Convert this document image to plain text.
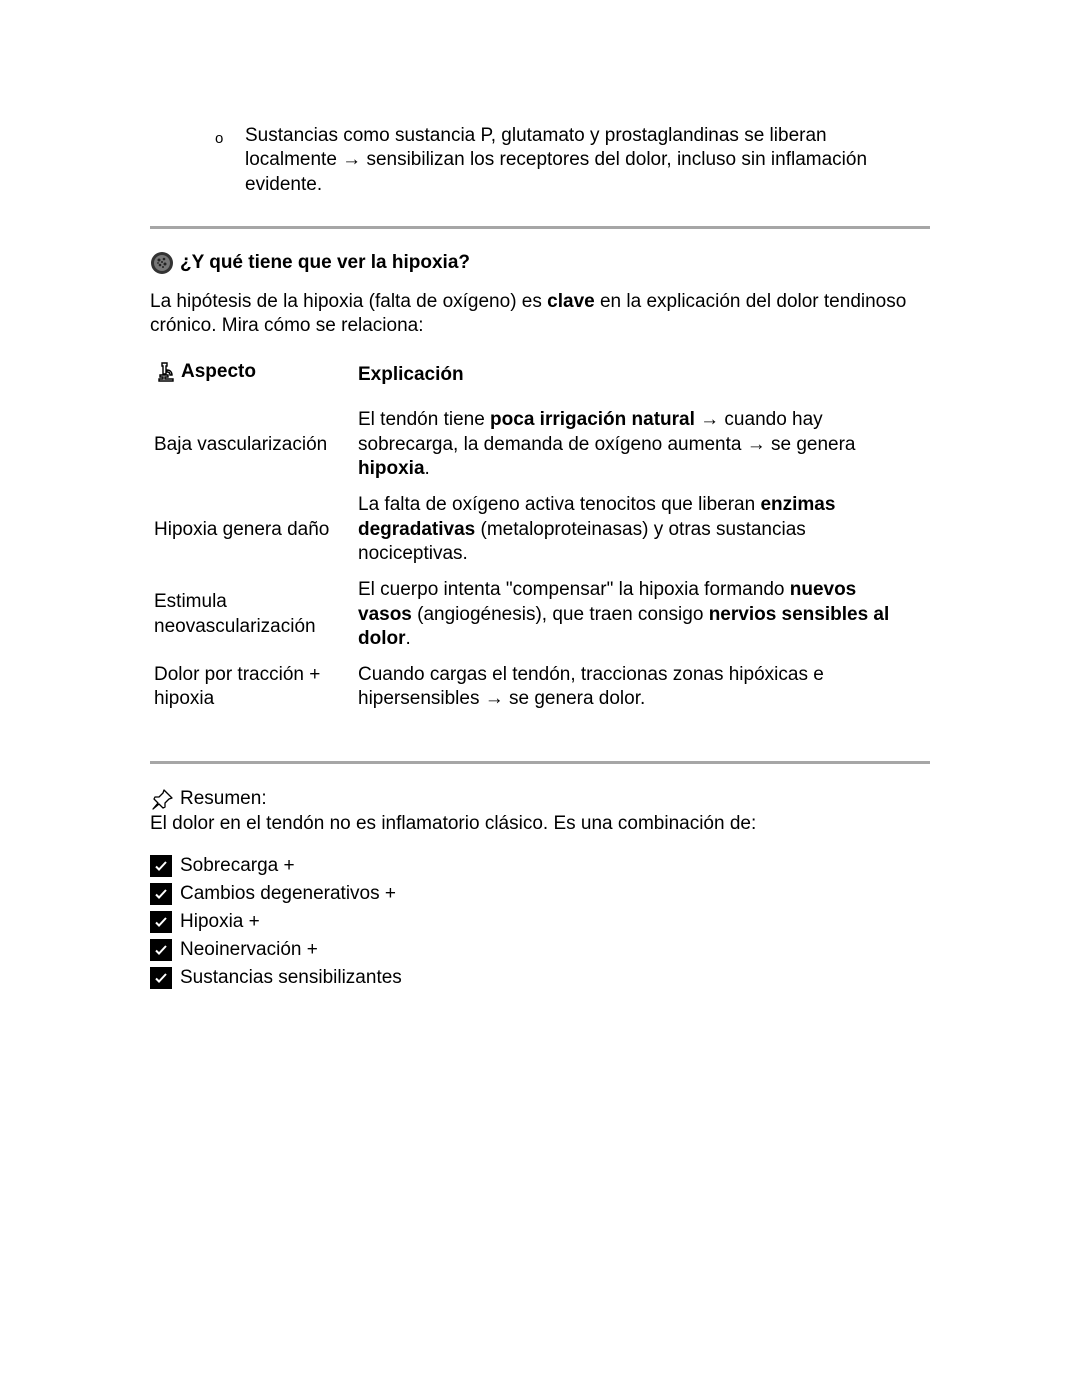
o Sustancias como sustancia P, glutamato y prostaglandinas se liberan localmente → sensibilizan los receptores del dolor, incluso sin inflamación evidente.
¿Y qué tiene que ver la hipoxia?
La hipótesis de la hipoxia (falta de oxígeno) es clave en la explicación del dolor tendinoso crónico. Mira cómo se relaciona:
Aspecto	Explicación
Baja vascularización	El tendón tiene poca irrigación natural → cuando hay sobrecarga, la demanda de oxígeno aumenta → se genera hipoxia.
Hipoxia genera daño	La falta de oxígeno activa tenocitos que liberan enzimas degradativas (metaloproteinasas) y otras sustancias nociceptivas.
Estimula neovascularización	El cuerpo intenta "compensar" la hipoxia formando nuevos vasos (angiogénesis), que traen consigo nervios sensibles al dolor.
Dolor por tracción + hipoxia	Cuando cargas el tendón, traccionas zonas hipóxicas e hipersensibles → se genera dolor.
Resumen:
El dolor en el tendón no es inflamatorio clásico. Es una combinación de:
Sobrecarga +
Cambios degenerativos +
Hipoxia +
Neoinervación +
Sustancias sensibilizantes
